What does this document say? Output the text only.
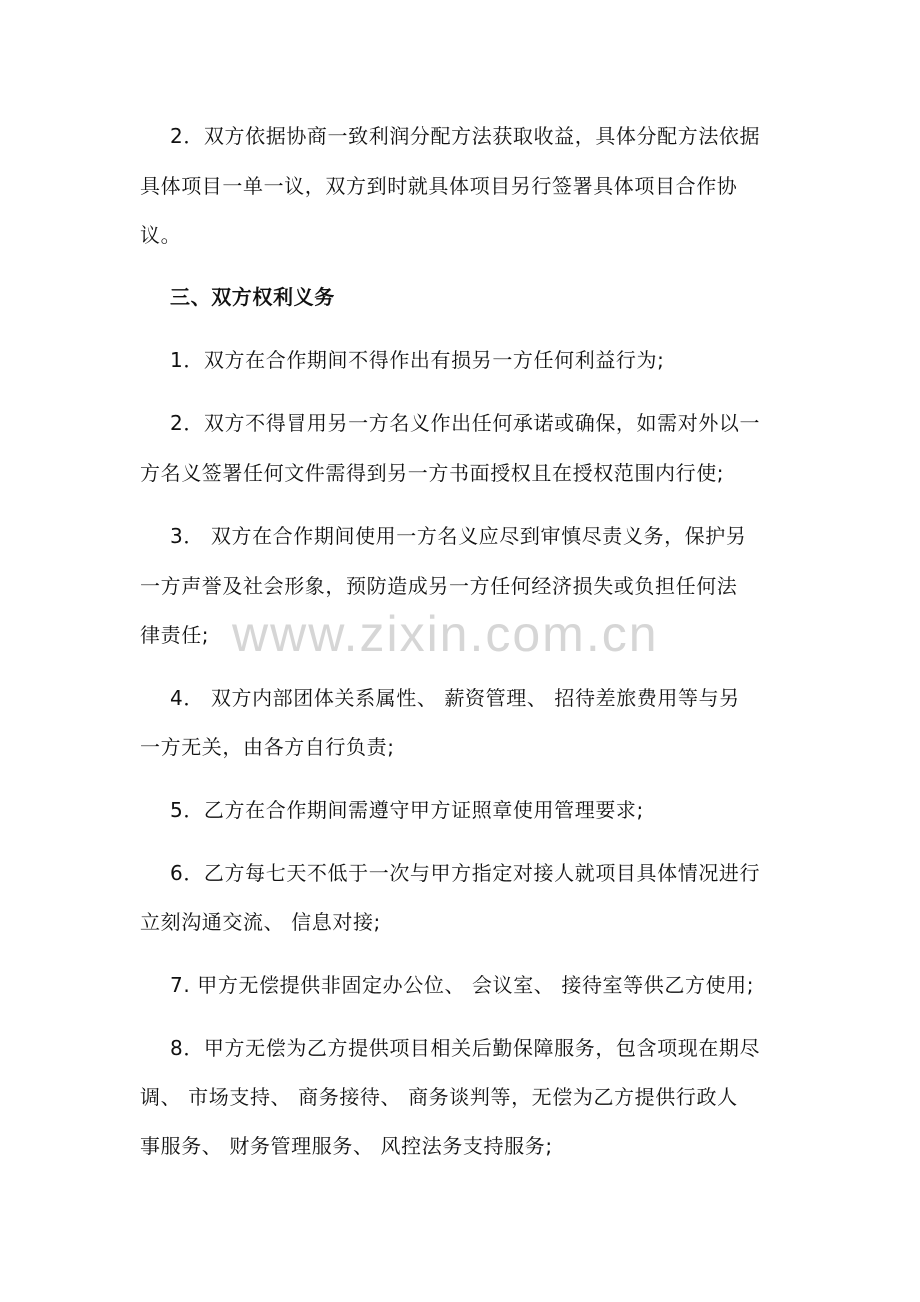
www.zixin.com.cn
2．双方依据协商一致利润分配方法获取收益，具体分配方法依据
具体项目一单一议，双方到时就具体项目另行签署具体项目合作协
议。
三、双方权利义务
1．双方在合作期间不得作出有损另一方任何利益行为;
2．双方不得冒用另一方名义作出任何承诺或确保，如需对外以一
方名义签署任何文件需得到另一方书面授权且在授权范围内行使;
3． 双方在合作期间使用一方名义应尽到审慎尽责义务，保护另
一方声誉及社会形象，预防造成另一方任何经济损失或负担任何法
律责任;
4． 双方内部团体关系属性、 薪资管理、 招待差旅费用等与另
一方无关，由各方自行负责;
5．乙方在合作期间需遵守甲方证照章使用管理要求;
6．乙方每七天不低于一次与甲方指定对接人就项目具体情况进行
立刻沟通交流、 信息对接;
7. 甲方无偿提供非固定办公位、 会议室、 接待室等供乙方使用;
8．甲方无偿为乙方提供项目相关后勤保障服务，包含项现在期尽
调、 市场支持、 商务接待、 商务谈判等，无偿为乙方提供行政人
事服务、 财务管理服务、 风控法务支持服务;
